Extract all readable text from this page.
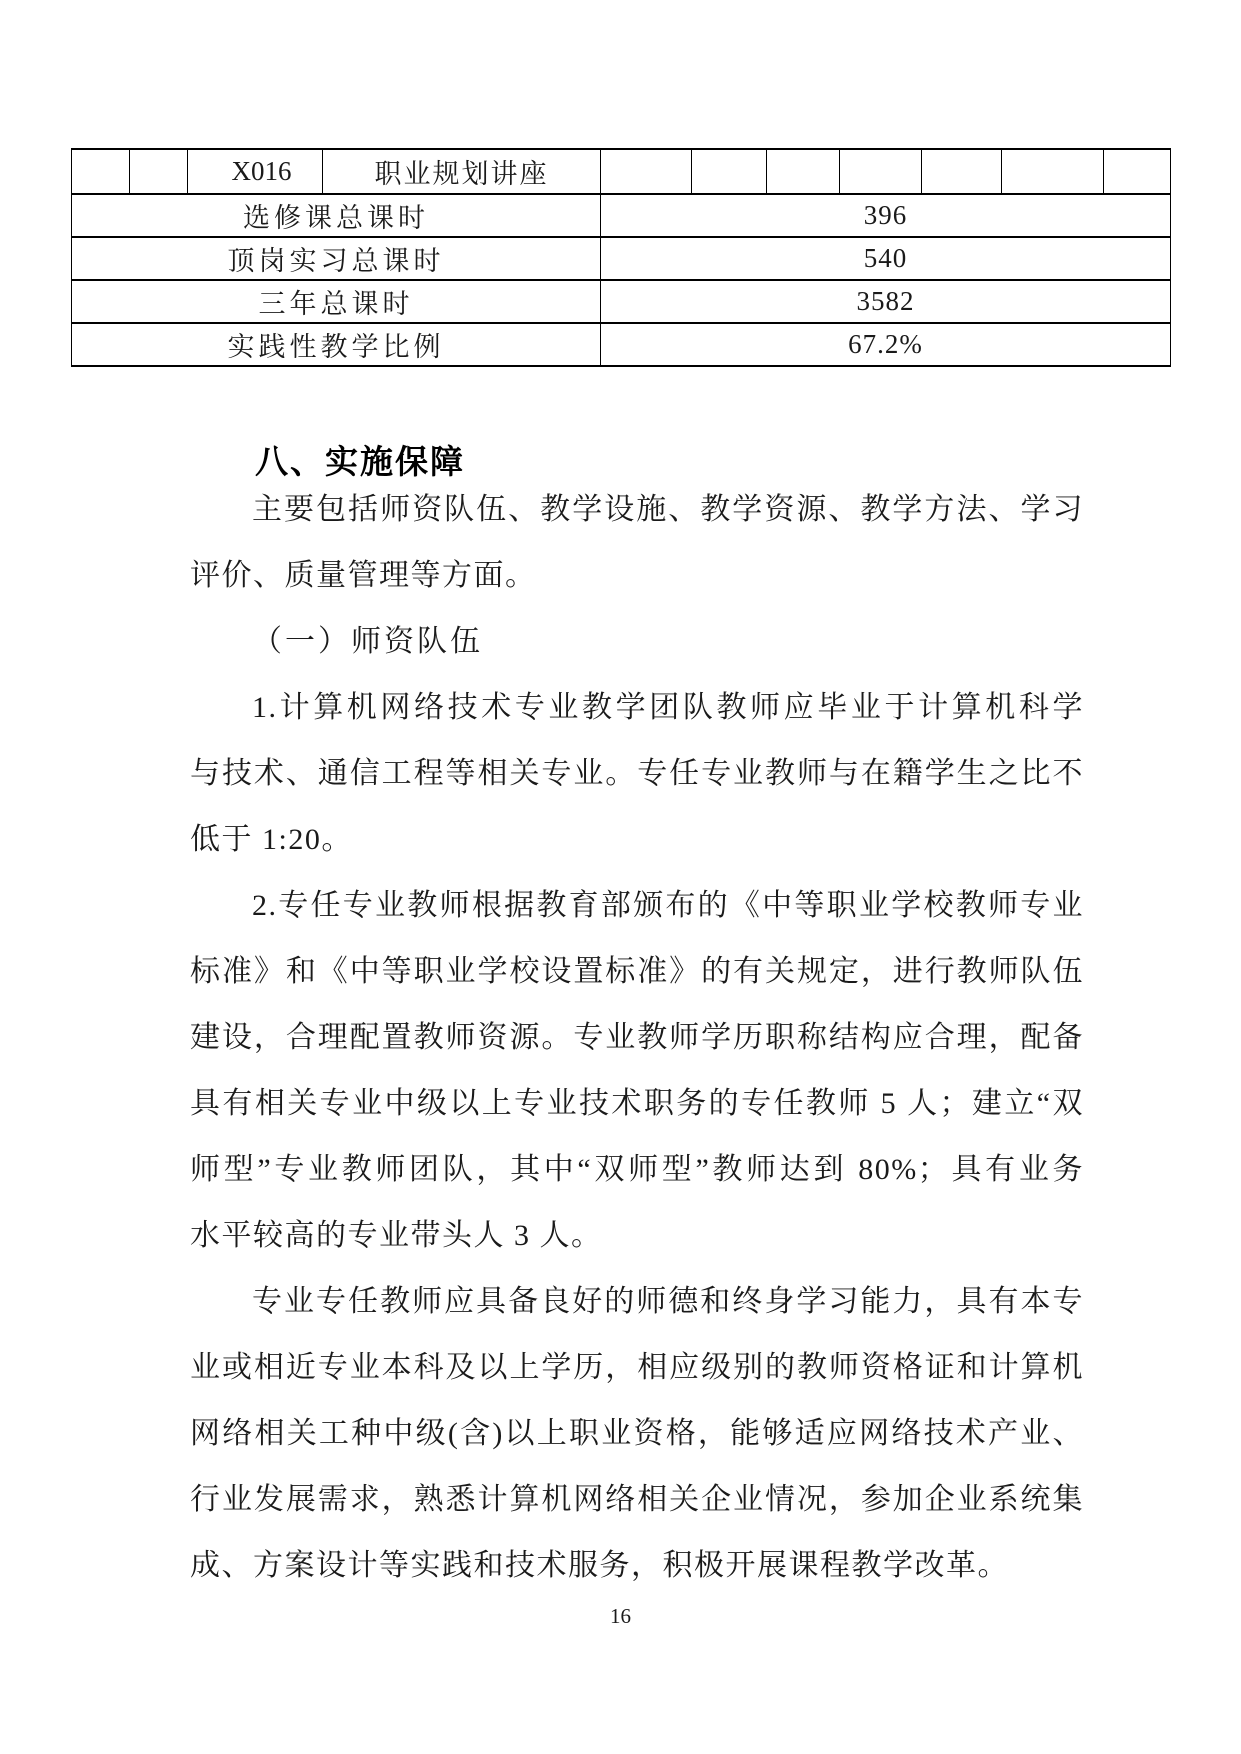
		X016	职业规划讲座							
选修课总课时				396						
顶岗实习总课时				540						
三年总课时				3582						
实践性教学比例				67.2%						
八、实施保障
主要包括师资队伍、教学设施、教学资源、教学方法、学习
评价、质量管理等方面。
（一）师资队伍
1.计算机网络技术专业教学团队教师应毕业于计算机科学
与技术、通信工程等相关专业。专任专业教师与在籍学生之比不
低于 1:20。
2.专任专业教师根据教育部颁布的《中等职业学校教师专业
标准》和《中等职业学校设置标准》的有关规定，进行教师队伍
建设，合理配置教师资源。专业教师学历职称结构应合理，配备
具有相关专业中级以上专业技术职务的专任教师 5 人；建立“双
师型”专业教师团队，其中“双师型”教师达到 80%；具有业务
水平较高的专业带头人 3 人。
专业专任教师应具备良好的师德和终身学习能力，具有本专
业或相近专业本科及以上学历，相应级别的教师资格证和计算机
网络相关工种中级(含)以上职业资格，能够适应网络技术产业、
行业发展需求，熟悉计算机网络相关企业情况，参加企业系统集
成、方案设计等实践和技术服务，积极开展课程教学改革。
16
